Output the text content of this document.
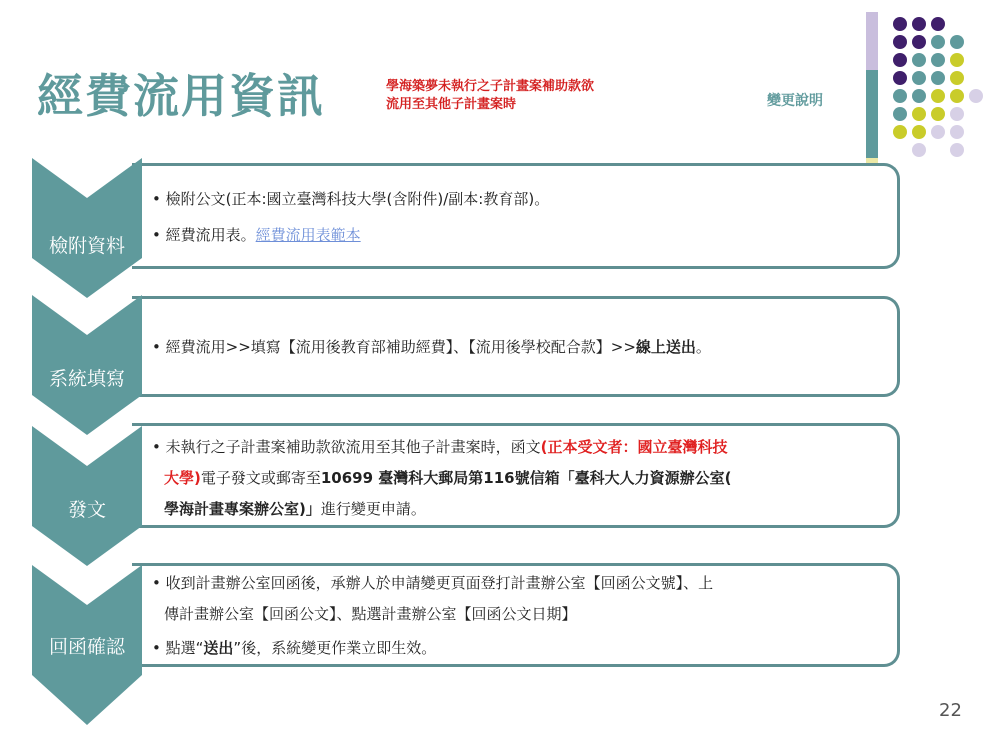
經費流用資訊	學海築夢未執行之子計畫案補助款欲
流用至其他子計畫案時	變更說明
檢附資料
• 檢附公文(正本:國立臺灣科技大學(含附件)/副本:教育部)。
• 經費流用表。經費流用表範本
系統填寫
• 經費流用>>填寫【流用後教育部補助經費】、【流用後學校配合款】>>線上送出。
發文
• 未執行之子計畫案補助款欲流用至其他子計畫案時，函文(正本受文者：國立臺灣科技
大學)電子發文或郵寄至10699 臺灣科大郵局第116號信箱「臺科大人力資源辦公室(
學海計畫專案辦公室)」進行變更申請。
回函確認
• 收到計畫辦公室回函後，承辦人於申請變更頁面登打計畫辦公室【回函公文號】、上
傳計畫辦公室【回函公文】、點選計畫辦公室【回函公文日期】
• 點選“送出”後，系統變更作業立即生效。
22
